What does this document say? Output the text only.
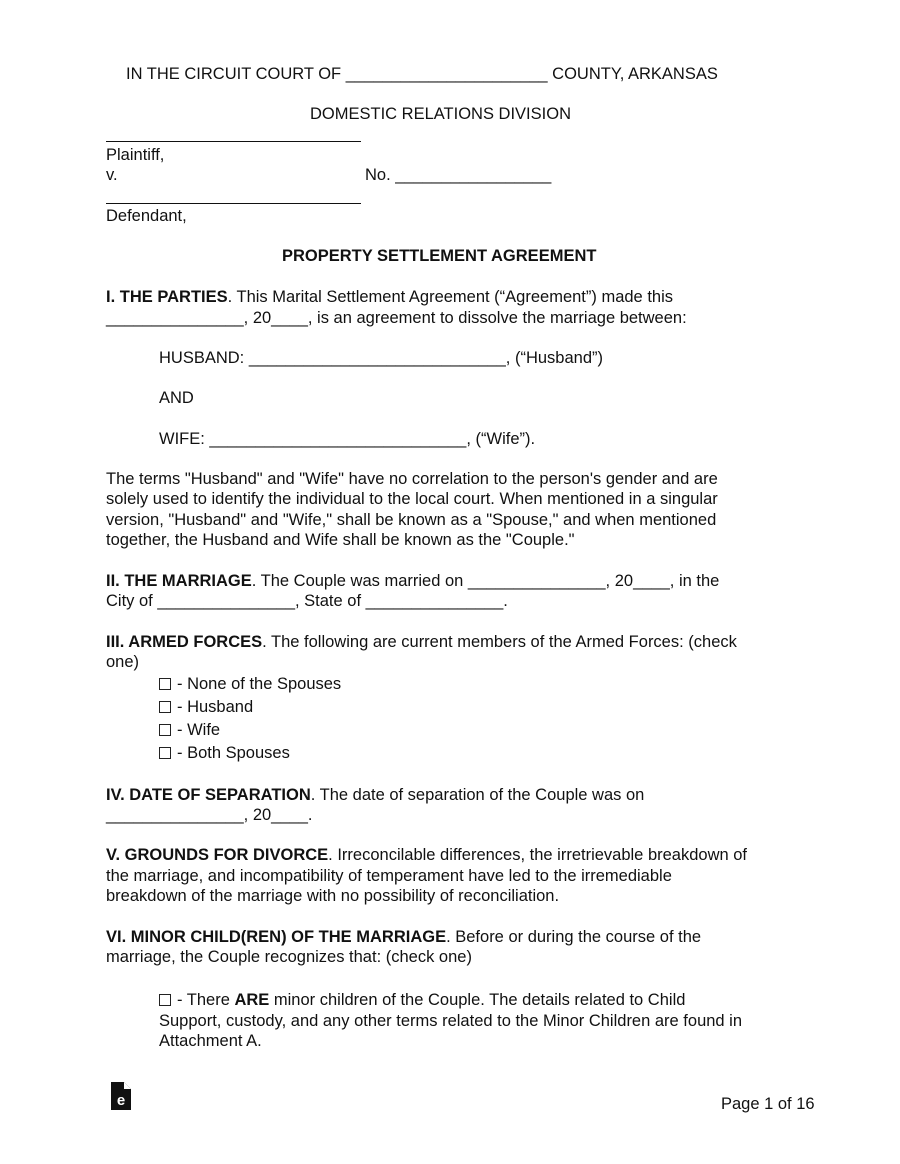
IN THE CIRCUIT COURT OF ______________________ COUNTY, ARKANSAS
DOMESTIC RELATIONS DIVISION
Plaintiff,
v.	No. _________________
Defendant,
PROPERTY SETTLEMENT AGREEMENT
I. THE PARTIES. This Marital Settlement Agreement (“Agreement”) made this
_______________, 20____, is an agreement to dissolve the marriage between:
HUSBAND: ____________________________, (“Husband”)
AND
WIFE: ____________________________, (“Wife”).
The terms "Husband" and "Wife" have no correlation to the person's gender and are
solely used to identify the individual to the local court. When mentioned in a singular
version, "Husband" and "Wife," shall be known as a "Spouse," and when mentioned
together, the Husband and Wife shall be known as the "Couple."
II. THE MARRIAGE. The Couple was married on _______________, 20____, in the
City of _______________, State of _______________.
III. ARMED FORCES. The following are current members of the Armed Forces: (check
one)
- None of the Spouses
- Husband
- Wife
- Both Spouses
IV. DATE OF SEPARATION. The date of separation of the Couple was on
_______________, 20____.
V. GROUNDS FOR DIVORCE. Irreconcilable differences, the irretrievable breakdown of
the marriage, and incompatibility of temperament have led to the irremediable
breakdown of the marriage with no possibility of reconciliation.
VI. MINOR CHILD(REN) OF THE MARRIAGE. Before or during the course of the
marriage, the Couple recognizes that: (check one)
- There ARE minor children of the Couple. The details related to Child
Support, custody, and any other terms related to the Minor Children are found in
Attachment A.
e	Page 1 of 16
